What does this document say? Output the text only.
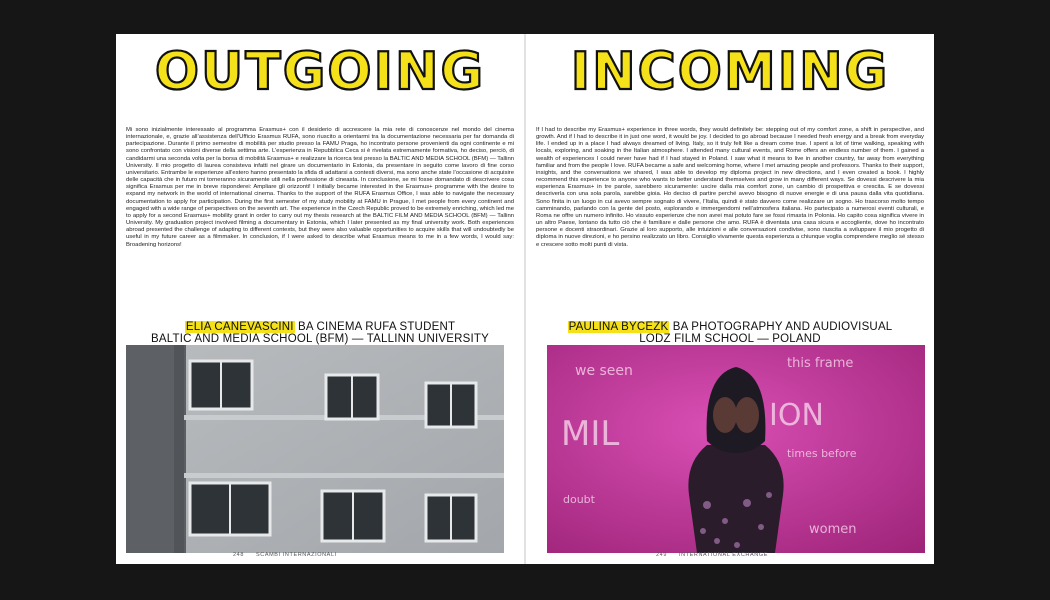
OUTGOING

Mi sono inizialmente interessato al programma Erasmus+ con il desiderio di accrescere la mia rete di conoscenze nel mondo del cinema internazionale, e, grazie all’assistenza dell’Ufficio Erasmus RUFA, sono riuscito a orientarmi tra la documentazione necessaria per far domanda di partecipazione. Durante il primo semestre di mobilità per studio presso la FAMU Praga, ho incontrato persone provenienti da ogni continente e mi sono confrontato con visioni diverse della settima arte. L’esperienza in Repubblica Ceca si è rivelata estremamente formativa, ho deciso, perciò, di candidarmi una seconda volta per la borsa di mobilità Erasmus+ e realizzare la ricerca tesi presso la BALTIC AND MEDIA SCHOOL (BFM) — Tallinn University. Il mio progetto di laurea consisteva infatti nel girare un documentario in Estonia, da presentare in seguito come lavoro di fine corso universitario. Entrambe le esperienze all’estero hanno presentato la sfida di adattarsi a contesti diversi, ma sono anche state l’occasione di acquisire delle capacità che in futuro mi torneranno sicuramente utili nella professione di cineasta. In conclusione, se mi fosse domandato di descrivere cosa significa Erasmus per me in breve risponderei: Ampliare gli orizzonti! I initially became interested in the Erasmus+ programme with the desire to expand my network in the world of international cinema. Thanks to the support of the RUFA Erasmus Office, I was able to navigate the necessary documentation to apply for participation. During the first semester of my study mobility at FAMU in Prague, I met people from every continent and engaged with a wide range of perspectives on the seventh art. The experience in the Czech Republic proved to be extremely enriching, which led me to apply for a second Erasmus+ mobility grant in order to carry out my thesis research at the BALTIC FILM AND MEDIA SCHOOL (BFM) — Tallinn University. My graduation project involved filming a documentary in Estonia, which I later presented as my final university work. Both experiences abroad presented the challenge of adapting to different contexts, but they were also valuable opportunities to acquire skills that will undoubtedly be useful in my future career as a filmmaker. In conclusion, if I were asked to describe what Erasmus means to me in a few words, I would say: Broadening horizons!

ELIA CANEVASCINI BA CINEMA RUFA STUDENT
BALTIC AND MEDIA SCHOOL (BFM) — TALLINN UNIVERSITY
248 SCAMBI INTERNAZIONALI
INCOMING

If I had to describe my Erasmus+ experience in three words, they would definitely be: stepping out of my comfort zone, a shift in perspective, and growth. And if I had to describe it in just one word, it would be joy. I decided to go abroad because I needed fresh energy and a break from everyday life. I ended up in a place I had always dreamed of living. Italy, so it truly felt like a dream come true. I spent a lot of time walking, speaking with locals, exploring, and soaking in the Italian atmosphere. I attended many cultural events, and Rome offers an endless number of them. I gained a wealth of experiences I could never have had if I had stayed in Poland. I saw what it means to live in another country, far away from everything familiar and from the people I love. RUFA became a safe and welcoming home, where I met amazing people and professors. Thanks to their support, insights, and the conversations we shared, I was able to develop my diploma project in new directions, and I even created a book. I highly recommend this experience to anyone who wants to better understand themselves and grow in many different ways. Se dovessi descrivere la mia esperienza Erasmus+ in tre parole, sarebbero sicuramente: uscire dalla mia comfort zone, un cambio di prospettiva e crescita. E se dovessi descriverla con una sola parola, sarebbe gioia. Ho deciso di partire perché avevo bisogno di nuove energie e di una pausa dalla vita quotidiana. Sono finita in un luogo in cui avevo sempre sognato di vivere, l’Italia, quindi è stato davvero come realizzare un sogno. Ho trascorso molto tempo camminando, parlando con la gente del posto, esplorando e immergendomi nell’atmosfera italiana. Ho partecipato a numerosi eventi culturali, e Roma ne offre un numero infinito. Ho vissuto esperienze che non avrei mai potuto fare se fossi rimasta in Polonia. Ho capito cosa significa vivere in un altro Paese, lontano da tutto ciò che è familiare e dalle persone che amo. RUFA è diventata una casa sicura e accogliente, dove ho incontrato persone e docenti straordinari. Grazie al loro supporto, alle intuizioni e alle conversazioni condivise, sono riuscita a sviluppare il mio progetto di diploma in nuove direzioni, e ho persino realizzato un libro. Consiglio vivamente questa esperienza a chiunque voglia comprendere meglio sé stesso e crescere sotto molti punti di vista.

PAULINA BYCEZK BA PHOTOGRAPHY AND AUDIOVISUAL
LODZ FILM SCHOOL — POLAND
we seen	this frame
MIL	ION
times before
doubt
women
249 INTERNATIONAL EXCHANGE
